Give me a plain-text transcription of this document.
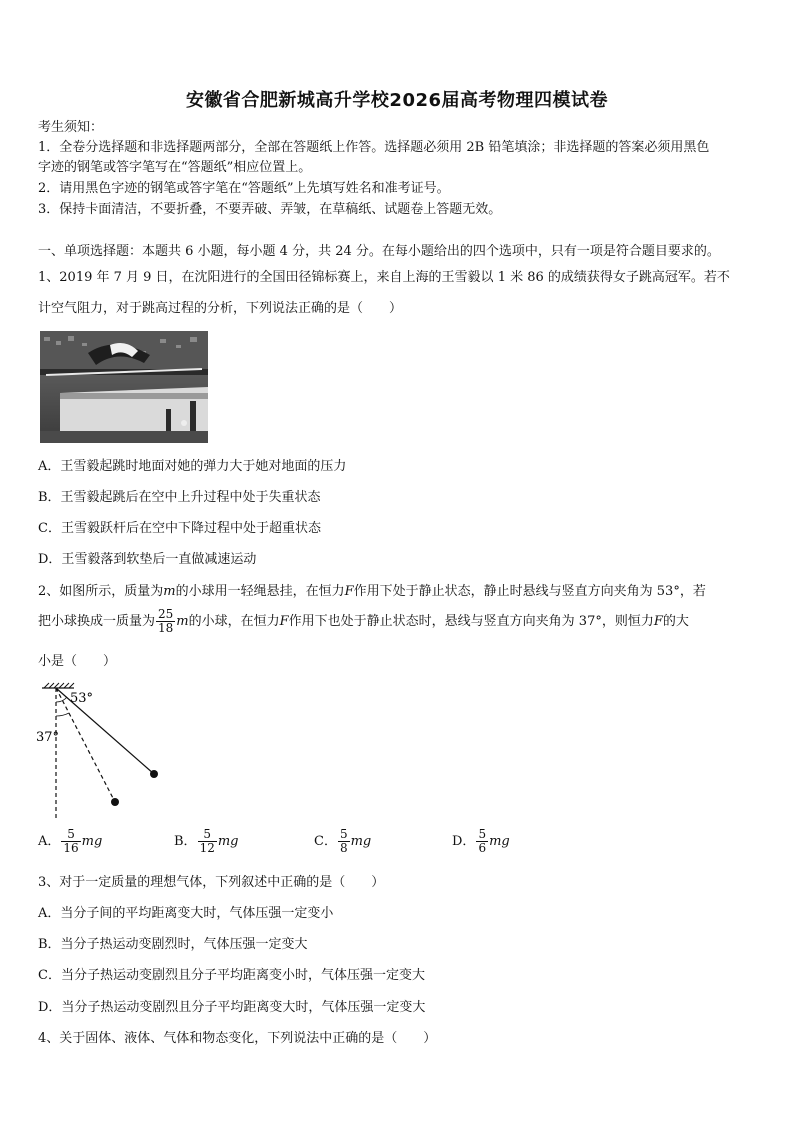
安徽省合肥新城高升学校2026届高考物理四模试卷
考生须知：
1．全卷分选择题和非选择题两部分，全部在答题纸上作答。选择题必须用 2B 铅笔填涂；非选择题的答案必须用黑色
字迹的钢笔或答字笔写在“答题纸”相应位置上。
2．请用黑色字迹的钢笔或答字笔在“答题纸”上先填写姓名和准考证号。
3．保持卡面清洁，不要折叠，不要弄破、弄皱，在草稿纸、试题卷上答题无效。
一、单项选择题：本题共 6 小题，每小题 4 分，共 24 分。在每小题给出的四个选项中，只有一项是符合题目要求的。
1、2019 年 7 月 9 日，在沈阳进行的全国田径锦标赛上，来自上海的王雪毅以 1 米 86 的成绩获得女子跳高冠军。若不
计空气阻力，对于跳高过程的分析，下列说法正确的是（　　）
A．王雪毅起跳时地面对她的弹力大于她对地面的压力
B．王雪毅起跳后在空中上升过程中处于失重状态
C．王雪毅跃杆后在空中下降过程中处于超重状态
D．王雪毅落到软垫后一直做减速运动
2、如图所示，质量为m的小球用一轻绳悬挂，在恒力F作用下处于静止状态，静止时悬线与竖直方向夹角为 53°，若
把小球换成一质量为 $\frac{25}{18}$ m的小球，在恒力F作用下也处于静止状态时，悬线与竖直方向夹角为 37°，则恒力F的大
小是（　　）
53°
37°
A． $\frac{5}{16}$ mg	B． $\frac{5}{12}$ mg	C． $\frac{5}{8}$ mg	D． $\frac{5}{6}$ mg
3、对于一定质量的理想气体，下列叙述中正确的是（　　）
A．当分子间的平均距离变大时，气体压强一定变小
B．当分子热运动变剧烈时，气体压强一定变大
C．当分子热运动变剧烈且分子平均距离变小时，气体压强一定变大
D．当分子热运动变剧烈且分子平均距离变大时，气体压强一定变大
4、关于固体、液体、气体和物态变化，下列说法中正确的是（　　）
